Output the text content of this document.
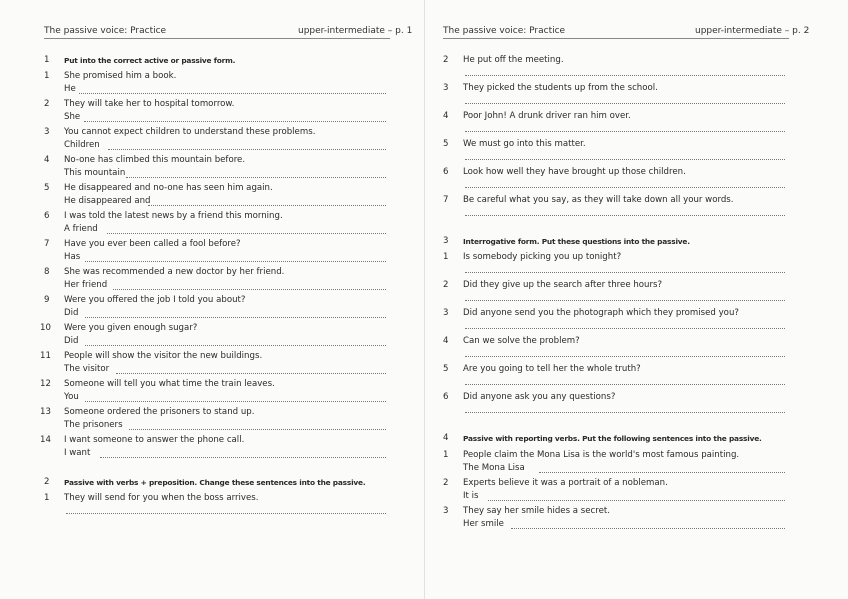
The passive voice: Practice	upper-intermediate – p. 1
1 Put into the correct active or passive form.
1 She promised him a book.
He
2 They will take her to hospital tomorrow.
She
3 You cannot expect children to understand these problems.
Children
4 No-one has climbed this mountain before.
This mountain
5 He disappeared and no-one has seen him again.
He disappeared and
6 I was told the latest news by a friend this morning.
A friend
7 Have you ever been called a fool before?
Has
8 She was recommended a new doctor by her friend.
Her friend
9 Were you offered the job I told you about?
Did
10 Were you given enough sugar?
Did
11 People will show the visitor the new buildings.
The visitor
12 Someone will tell you what time the train leaves.
You
13 Someone ordered the prisoners to stand up.
The prisoners
14 I want someone to answer the phone call.
I want
2 Passive with verbs + preposition. Change these sentences into the passive.
1 They will send for you when the boss arrives.
The passive voice: Practice	upper-intermediate – p. 2
2 He put off the meeting.
3 They picked the students up from the school.
4 Poor John! A drunk driver ran him over.
5 We must go into this matter.
6 Look how well they have brought up those children.
7 Be careful what you say, as they will take down all your words.
3 Interrogative form. Put these questions into the passive.
1 Is somebody picking you up tonight?
2 Did they give up the search after three hours?
3 Did anyone send you the photograph which they promised you?
4 Can we solve the problem?
5 Are you going to tell her the whole truth?
6 Did anyone ask you any questions?
4 Passive with reporting verbs. Put the following sentences into the passive.
1 People claim the Mona Lisa is the world's most famous painting.
The Mona Lisa
2 Experts believe it was a portrait of a nobleman.
It is
3 They say her smile hides a secret.
Her smile
